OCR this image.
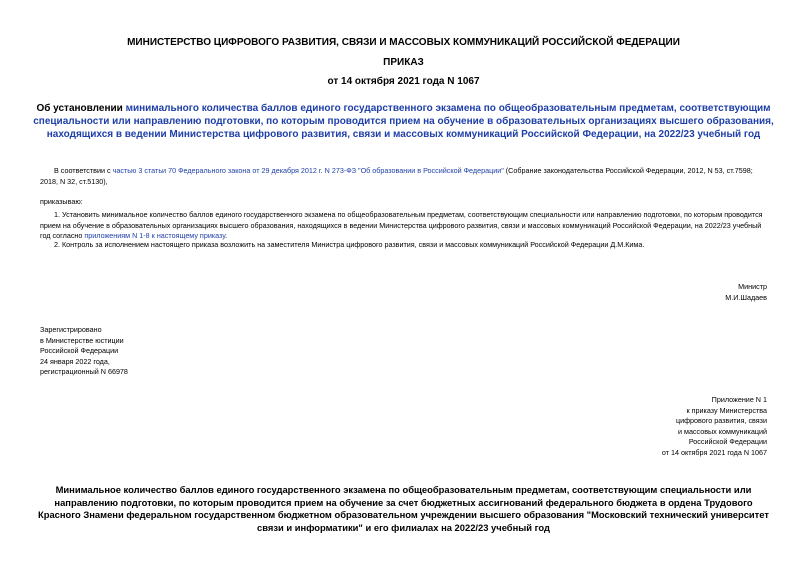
МИНИСТЕРСТВО ЦИФРОВОГО РАЗВИТИЯ, СВЯЗИ И МАССОВЫХ КОММУНИКАЦИЙ РОССИЙСКОЙ ФЕДЕРАЦИИ
ПРИКАЗ
от 14 октября 2021 года N 1067
Об установлении минимального количества баллов единого государственного экзамена по общеобразовательным предметам, соответствующим специальности или направлению подготовки, по которым проводится прием на обучение в образовательных организациях высшего образования, находящихся в ведении Министерства цифрового развития, связи и массовых коммуникаций Российской Федерации, на 2022/23 учебный год
В соответствии с частью 3 статьи 70 Федерального закона от 29 декабря 2012 г. N 273-ФЗ "Об образовании в Российской Федерации" (Собрание законодательства Российской Федерации, 2012, N 53, ст.7598; 2018, N 32, ст.5130),
приказываю:
1. Установить минимальное количество баллов единого государственного экзамена по общеобразовательным предметам, соответствующим специальности или направлению подготовки, по которым проводится прием на обучение в образовательных организациях высшего образования, находящихся в ведении Министерства цифрового развития, связи и массовых коммуникаций Российской Федерации, на 2022/23 учебный год согласно приложениям N 1-8 к настоящему приказу.
2. Контроль за исполнением настоящего приказа возложить на заместителя Министра цифрового развития, связи и массовых коммуникаций Российской Федерации Д.М.Кима.
Министр
М.И.Шадаев
Зарегистрировано
в Министерстве юстиции
Российской Федерации
24 января 2022 года,
регистрационный N 66978
Приложение N 1
к приказу Министерства
цифрового развития, связи
и массовых коммуникаций
Российской Федерации
от 14 октября 2021 года N 1067
Минимальное количество баллов единого государственного экзамена по общеобразовательным предметам, соответствующим специальности или направлению подготовки, по которым проводится прием на обучение за счет бюджетных ассигнований федерального бюджета в ордена Трудового Красного Знамени федеральном государственном бюджетном образовательном учреждении высшего образования "Московский технический университет связи и информатики" и его филиалах на 2022/23 учебный год
